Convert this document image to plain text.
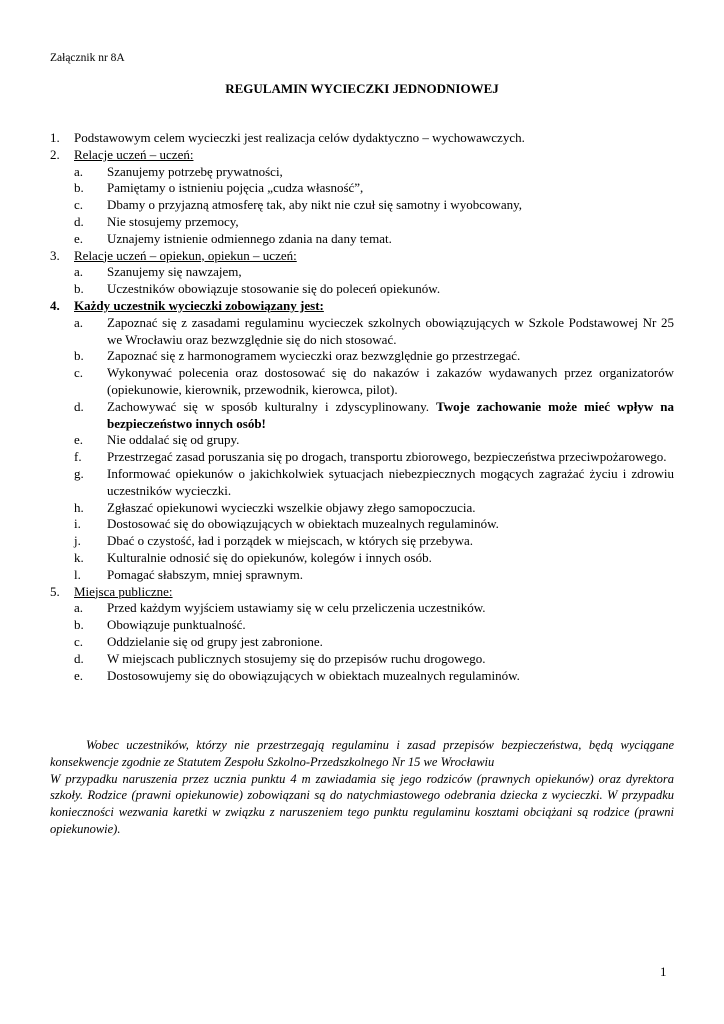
Załącznik nr 8A
REGULAMIN WYCIECZKI JEDNODNIOWEJ
1. Podstawowym celem wycieczki jest realizacja celów dydaktyczno – wychowawczych.
2. Relacje uczeń – uczeń:
a. Szanujemy potrzebę prywatności,
b. Pamiętamy o istnieniu pojęcia „cudza własność”,
c. Dbamy o przyjazną atmosferę tak, aby nikt nie czuł się samotny i wyobcowany,
d. Nie stosujemy przemocy,
e. Uznajemy istnienie odmiennego zdania na dany temat.
3. Relacje uczeń – opiekun, opiekun – uczeń:
a. Szanujemy się nawzajem,
b. Uczestników obowiązuje stosowanie się do poleceń opiekunów.
4. Każdy uczestnik wycieczki zobowiązany jest:
a. Zapoznać się z zasadami regulaminu wycieczek szkolnych obowiązujących w Szkole Podstawowej Nr 25 we Wrocławiu oraz bezwzględnie się do nich stosować.
b. Zapoznać się z harmonogramem wycieczki oraz bezwzględnie go przestrzegać.
c. Wykonywać polecenia oraz dostosować się do nakazów i zakazów wydawanych przez organizatorów (opiekunowie, kierownik, przewodnik, kierowca, pilot).
d. Zachowywać się w sposób kulturalny i zdyscyplinowany. Twoje zachowanie może mieć wpływ na bezpieczeństwo innych osób!
e. Nie oddalać się od grupy.
f. Przestrzegać zasad poruszania się po drogach, transportu zbiorowego, bezpieczeństwa przeciwpożarowego.
g. Informować opiekunów o jakichkolwiek sytuacjach niebezpiecznych mogących zagrażać życiu i zdrowiu uczestników wycieczki.
h. Zgłaszać opiekunowi wycieczki wszelkie objawy złego samopoczucia.
i. Dostosować się do obowiązujących w obiektach muzealnych regulaminów.
j. Dbać o czystość, ład i porządek w miejscach, w których się przebywa.
k. Kulturalnie odnosić się do opiekunów, kolegów i innych osób.
l. Pomagać słabszym, mniej sprawnym.
5. Miejsca publiczne:
a. Przed każdym wyjściem ustawiamy się w celu przeliczenia uczestników.
b. Obowiązuje punktualność.
c. Oddzielanie się od grupy jest zabronione.
d. W miejscach publicznych stosujemy się do przepisów ruchu drogowego.
e. Dostosowujemy się do obowiązujących w obiektach muzealnych regulaminów.

Wobec uczestników, którzy nie przestrzegają regulaminu i zasad przepisów bezpieczeństwa, będą wyciągane konsekwencje zgodnie ze Statutem Zespołu Szkolno-Przedszkolnego Nr 15 we Wrocławiu

W przypadku naruszenia przez ucznia punktu 4 m zawiadamia się jego rodziców (prawnych opiekunów) oraz dyrektora szkoły. Rodzice (prawni opiekunowie) zobowiązani są do natychmiastowego odebrania dziecka z wycieczki. W przypadku konieczności wezwania karetki w związku z naruszeniem tego punktu regulaminu kosztami obciążani są rodzice (prawni opiekunowie).

1
